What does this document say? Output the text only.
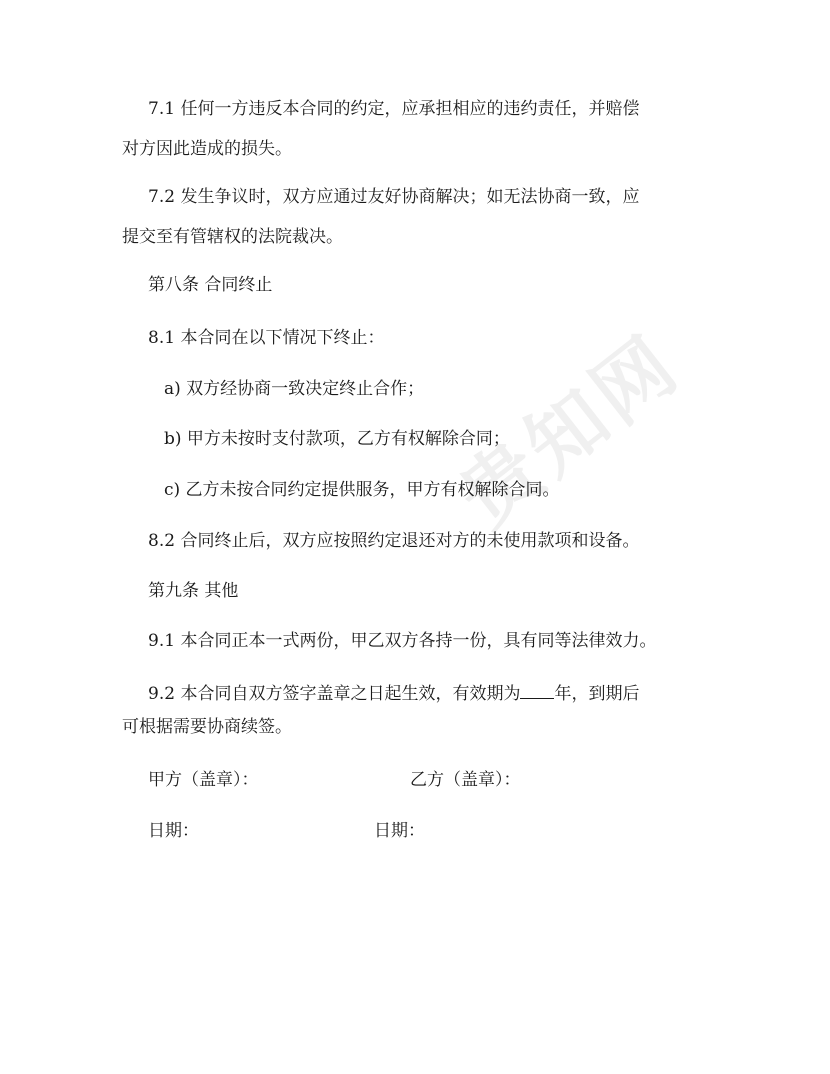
贵知网

7.1 任何一方违反本合同的约定，应承担相应的违约责任，并赔偿

对方因此造成的损失。

7.2 发生争议时，双方应通过友好协商解决；如无法协商一致，应

提交至有管辖权的法院裁决。

第八条 合同终止

8.1 本合同在以下情况下终止：

a) 双方经协商一致决定终止合作；

b) 甲方未按时支付款项，乙方有权解除合同；

c) 乙方未按合同约定提供服务，甲方有权解除合同。

8.2 合同终止后，双方应按照约定退还对方的未使用款项和设备。

第九条 其他

9.1 本合同正本一式两份，甲乙双方各持一份，具有同等法律效力。

9.2 本合同自双方签字盖章之日起生效，有效期为 年，到期后

可根据需要协商续签。

甲方（盖章）：	乙方（盖章）：
日期：	日期：
